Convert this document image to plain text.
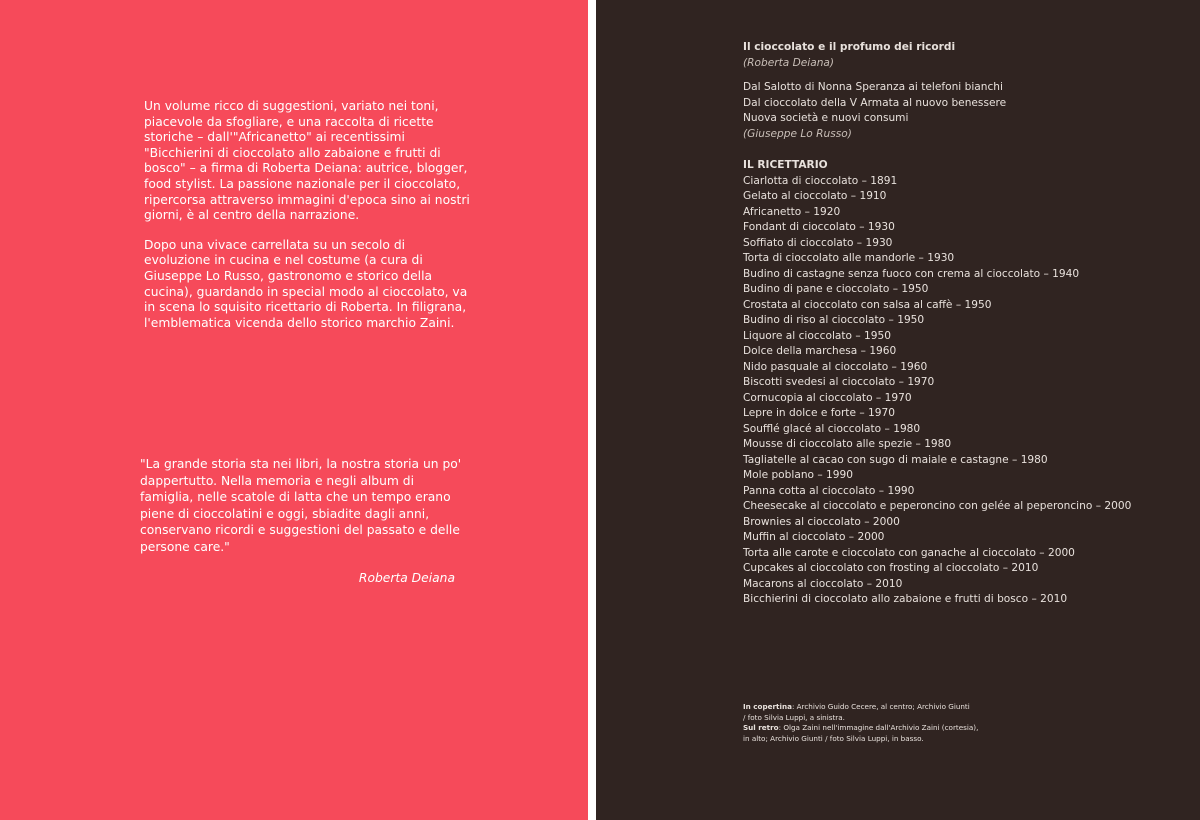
Un volume ricco di suggestioni, variato nei toni, piacevole da sfogliare, e una raccolta di ricette storiche – dall'"Africanetto" ai recentissimi "Bicchierini di cioccolato allo zabaione e frutti di bosco" – a firma di Roberta Deiana: autrice, blogger, food stylist. La passione nazionale per il cioccolato, ripercorsa attraverso immagini d'epoca sino ai nostri giorni, è al centro della narrazione.

Dopo una vivace carrellata su un secolo di evoluzione in cucina e nel costume (a cura di Giuseppe Lo Russo, gastronomo e storico della cucina), guardando in special modo al cioccolato, va in scena lo squisito ricettario di Roberta. In filigrana, l'emblematica vicenda dello storico marchio Zaini.

"La grande storia sta nei libri, la nostra storia un po' dappertutto. Nella memoria e negli album di famiglia, nelle scatole di latta che un tempo erano piene di cioccolatini e oggi, sbiadite dagli anni, conservano ricordi e suggestioni del passato e delle persone care."
Roberta Deiana
Il cioccolato e il profumo dei ricordi
(Roberta Deiana)
Dal Salotto di Nonna Speranza ai telefoni bianchi
Dal cioccolato della V Armata al nuovo benessere
Nuova società e nuovi consumi
(Giuseppe Lo Russo)
IL RICETTARIO
Ciarlotta di cioccolato – 1891
Gelato al cioccolato – 1910
Africanetto – 1920
Fondant di cioccolato – 1930
Soffiato di cioccolato – 1930
Torta di cioccolato alle mandorle – 1930
Budino di castagne senza fuoco con crema al cioccolato – 1940
Budino di pane e cioccolato – 1950
Crostata al cioccolato con salsa al caffè – 1950
Budino di riso al cioccolato – 1950
Liquore al cioccolato – 1950
Dolce della marchesa – 1960
Nido pasquale al cioccolato – 1960
Biscotti svedesi al cioccolato – 1970
Cornucopia al cioccolato – 1970
Lepre in dolce e forte – 1970
Soufflé glacé al cioccolato – 1980
Mousse di cioccolato alle spezie – 1980
Tagliatelle al cacao con sugo di maiale e castagne – 1980
Mole poblano – 1990
Panna cotta al cioccolato – 1990
Cheesecake al cioccolato e peperoncino con gelée al peperoncino – 2000
Brownies al cioccolato – 2000
Muffin al cioccolato – 2000
Torta alle carote e cioccolato con ganache al cioccolato – 2000
Cupcakes al cioccolato con frosting al cioccolato – 2010
Macarons al cioccolato – 2010
Bicchierini di cioccolato allo zabaione e frutti di bosco – 2010
In copertina: Archivio Guido Cecere, al centro; Archivio Giunti
/ foto Silvia Luppi, a sinistra.
Sul retro: Olga Zaini nell'immagine dall'Archivio Zaini (cortesia),
in alto; Archivio Giunti / foto Silvia Luppi, in basso.
